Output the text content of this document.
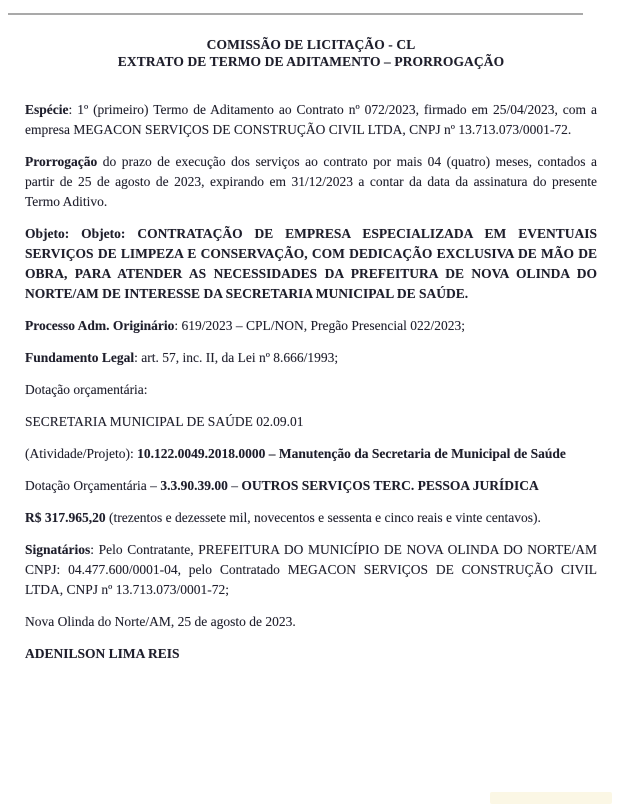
COMISSÃO DE LICITAÇÃO - CL
EXTRATO DE TERMO DE ADITAMENTO – PRORROGAÇÃO

Espécie: 1º (primeiro) Termo de Aditamento ao Contrato nº 072/2023, firmado em 25/04/2023, com a empresa MEGACON SERVIÇOS DE CONSTRUÇÃO CIVIL LTDA, CNPJ nº 13.713.073/0001-72.

Prorrogação do prazo de execução dos serviços ao contrato por mais 04 (quatro) meses, contados a partir de 25 de agosto de 2023, expirando em 31/12/2023 a contar da data da assinatura do presente Termo Aditivo.

Objeto: Objeto: CONTRATAÇÃO DE EMPRESA ESPECIALIZADA EM EVENTUAIS SERVIÇOS DE LIMPEZA E CONSERVAÇÃO, COM DEDICAÇÃO EXCLUSIVA DE MÃO DE OBRA, PARA ATENDER AS NECESSIDADES DA PREFEITURA DE NOVA OLINDA DO NORTE/AM DE INTERESSE DA SECRETARIA MUNICIPAL DE SAÚDE.

Processo Adm. Originário: 619/2023 – CPL/NON, Pregão Presencial 022/2023;

Fundamento Legal: art. 57, inc. II, da Lei nº 8.666/1993;

Dotação orçamentária:

SECRETARIA MUNICIPAL DE SAÚDE 02.09.01

(Atividade/Projeto): 10.122.0049.2018.0000 – Manutenção da Secretaria de Municipal de Saúde

Dotação Orçamentária – 3.3.90.39.00 – OUTROS SERVIÇOS TERC. PESSOA JURÍDICA

R$ 317.965,20 (trezentos e dezessete mil, novecentos e sessenta e cinco reais e vinte centavos).

Signatários: Pelo Contratante, PREFEITURA DO MUNICÍPIO DE NOVA OLINDA DO NORTE/AM CNPJ: 04.477.600/0001-04, pelo Contratado MEGACON SERVIÇOS DE CONSTRUÇÃO CIVIL LTDA, CNPJ nº 13.713.073/0001-72;

Nova Olinda do Norte/AM, 25 de agosto de 2023.

ADENILSON LIMA REIS
